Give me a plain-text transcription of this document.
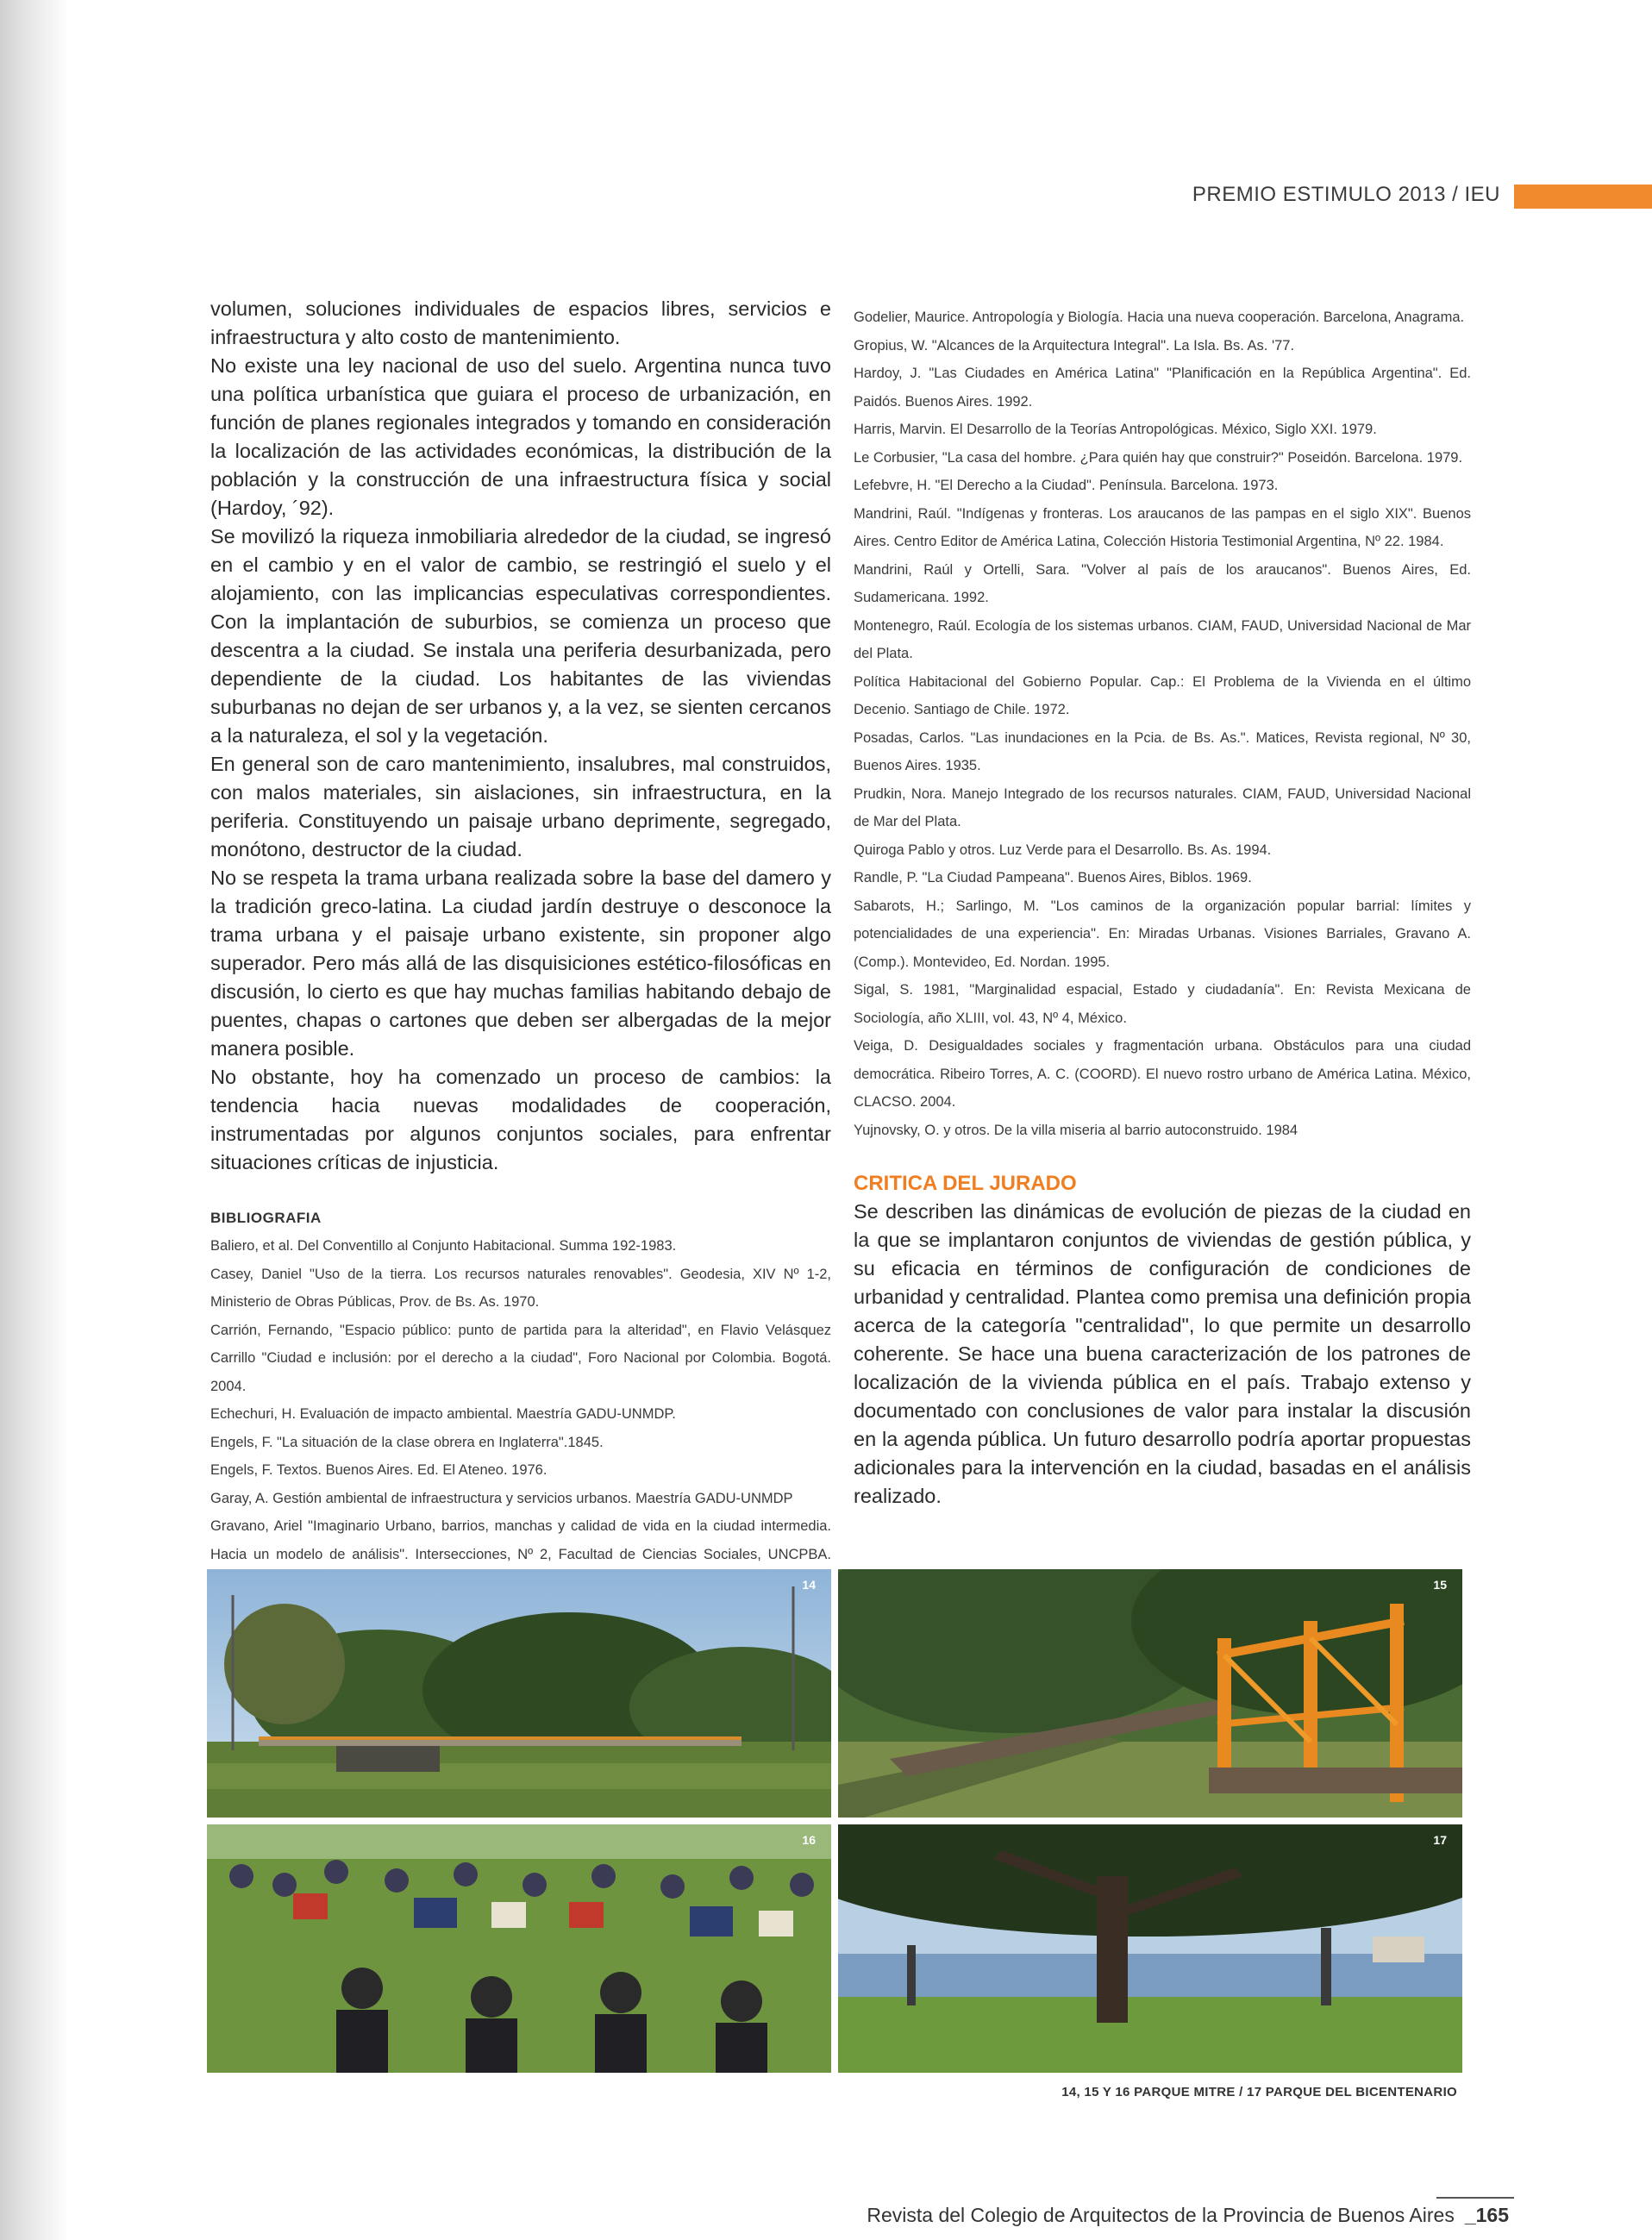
PREMIO ESTIMULO 2013 / IEU

volumen, soluciones individuales de espacios libres, servicios e infraestructura y alto costo de mantenimiento.

No existe una ley nacional de uso del suelo. Argentina nunca tuvo una política urbanística que guiara el proceso de urbanización, en función de planes regionales integrados y tomando en consideración la localización de las actividades económicas, la distribución de la población y la construcción de una infraestructura física y social (Hardoy, ´92).

Se movilizó la riqueza inmobiliaria alrededor de la ciudad, se ingresó en el cambio y en el valor de cambio, se restringió el suelo y el alojamiento, con las implicancias especulativas correspondientes. Con la implantación de suburbios, se comienza un proceso que descentra a la ciudad. Se instala una periferia desurbanizada, pero dependiente de la ciudad. Los habitantes de las viviendas suburbanas no dejan de ser urbanos y, a la vez, se sienten cercanos a la naturaleza, el sol y la vegetación.

En general son de caro mantenimiento, insalubres, mal construidos, con malos materiales, sin aislaciones, sin infraestructura, en la periferia. Constituyendo un paisaje urbano deprimente, segregado, monótono, destructor de la ciudad.

No se respeta la trama urbana realizada sobre la base del damero y la tradición greco-latina. La ciudad jardín destruye o desconoce la trama urbana y el paisaje urbano existente, sin proponer algo superador. Pero más allá de las disquisiciones estético-filosóficas en discusión, lo cierto es que hay muchas familias habitando debajo de puentes, chapas o cartones que deben ser albergadas de la mejor manera posible.

No obstante, hoy ha comenzado un proceso de cambios: la tendencia hacia nuevas modalidades de cooperación, instrumentadas por algunos conjuntos sociales, para enfrentar situaciones críticas de injusticia.

BIBLIOGRAFIA
Baliero, et al. Del Conventillo al Conjunto Habitacional. Summa 192-1983.
Casey, Daniel "Uso de la tierra. Los recursos naturales renovables". Geodesia, XIV Nº 1-2, Ministerio de Obras Públicas, Prov. de Bs. As. 1970.
Carrión, Fernando, "Espacio público: punto de partida para la alteridad", en Flavio Velásquez Carrillo "Ciudad e inclusión: por el derecho a la ciudad", Foro Nacional por Colombia. Bogotá. 2004.
Echechuri, H. Evaluación de impacto ambiental. Maestría GADU-UNMDP.
Engels, F. "La situación de la clase obrera en Inglaterra".1845.
Engels, F. Textos. Buenos Aires. Ed. El Ateneo. 1976.
Garay, A. Gestión ambiental de infraestructura y servicios urbanos. Maestría GADU-UNMDP
Gravano, Ariel "Imaginario Urbano, barrios, manchas y calidad de vida en la ciudad intermedia. Hacia un modelo de análisis". Intersecciones, Nº 2, Facultad de Ciencias Sociales, UNCPBA.
Godelier, Maurice. Antropología y Biología. Hacia una nueva cooperación. Barcelona, Anagrama.
Gropius, W. "Alcances de la Arquitectura Integral". La Isla. Bs. As. '77.
Hardoy, J. "Las Ciudades en América Latina" "Planificación en la República Argentina". Ed. Paidós. Buenos Aires. 1992.
Harris, Marvin. El Desarrollo de la Teorías Antropológicas. México, Siglo XXI. 1979.
Le Corbusier, "La casa del hombre. ¿Para quién hay que construir?" Poseidón. Barcelona. 1979.
Lefebvre, H. "El Derecho a la Ciudad". Península. Barcelona. 1973.
Mandrini, Raúl. "Indígenas y fronteras. Los araucanos de las pampas en el siglo XIX". Buenos Aires. Centro Editor de América Latina, Colección Historia Testimonial Argentina, Nº 22. 1984.
Mandrini, Raúl y Ortelli, Sara. "Volver al país de los araucanos". Buenos Aires, Ed. Sudamericana. 1992.
Montenegro, Raúl. Ecología de los sistemas urbanos. CIAM, FAUD, Universidad Nacional de Mar del Plata.
Política Habitacional del Gobierno Popular. Cap.: El Problema de la Vivienda en el último Decenio. Santiago de Chile. 1972.
Posadas, Carlos. "Las inundaciones en la Pcia. de Bs. As.". Matices, Revista regional, Nº 30, Buenos Aires. 1935.
Prudkin, Nora. Manejo Integrado de los recursos naturales. CIAM, FAUD, Universidad Nacional de Mar del Plata.
Quiroga Pablo y otros. Luz Verde para el Desarrollo. Bs. As. 1994.
Randle, P. "La Ciudad Pampeana". Buenos Aires, Biblos. 1969.
Sabarots, H.; Sarlingo, M. "Los caminos de la organización popular barrial: límites y potencialidades de una experiencia". En: Miradas Urbanas. Visiones Barriales, Gravano A. (Comp.). Montevideo, Ed. Nordan. 1995.
Sigal, S. 1981, "Marginalidad espacial, Estado y ciudadanía". En: Revista Mexicana de Sociología, año XLIII, vol. 43, Nº 4, México.
Veiga, D. Desigualdades sociales y fragmentación urbana. Obstáculos para una ciudad democrática. Ribeiro Torres, A. C. (COORD). El nuevo rostro urbano de América Latina. México, CLACSO. 2004.
Yujnovsky, O. y otros. De la villa miseria al barrio autoconstruido. 1984
CRITICA DEL JURADO

Se describen las dinámicas de evolución de piezas de la ciudad en la que se implantaron conjuntos de viviendas de gestión pública, y su eficacia en términos de configuración de condiciones de urbanidad y centralidad. Plantea como premisa una definición propia acerca de la categoría "centralidad", lo que permite un desarrollo coherente. Se hace una buena caracterización de los patrones de localización de la vivienda pública en el país. Trabajo extenso y documentado con conclusiones de valor para instalar la discusión en la agenda pública. Un futuro desarrollo podría aportar propuestas adicionales para la intervención en la ciudad, basadas en el análisis realizado.

14	15
16	17
14, 15 Y 16 PARQUE MITRE / 17 PARQUE DEL BICENTENARIO
Revista del Colegio de Arquitectos de la Provincia de Buenos Aires _165
